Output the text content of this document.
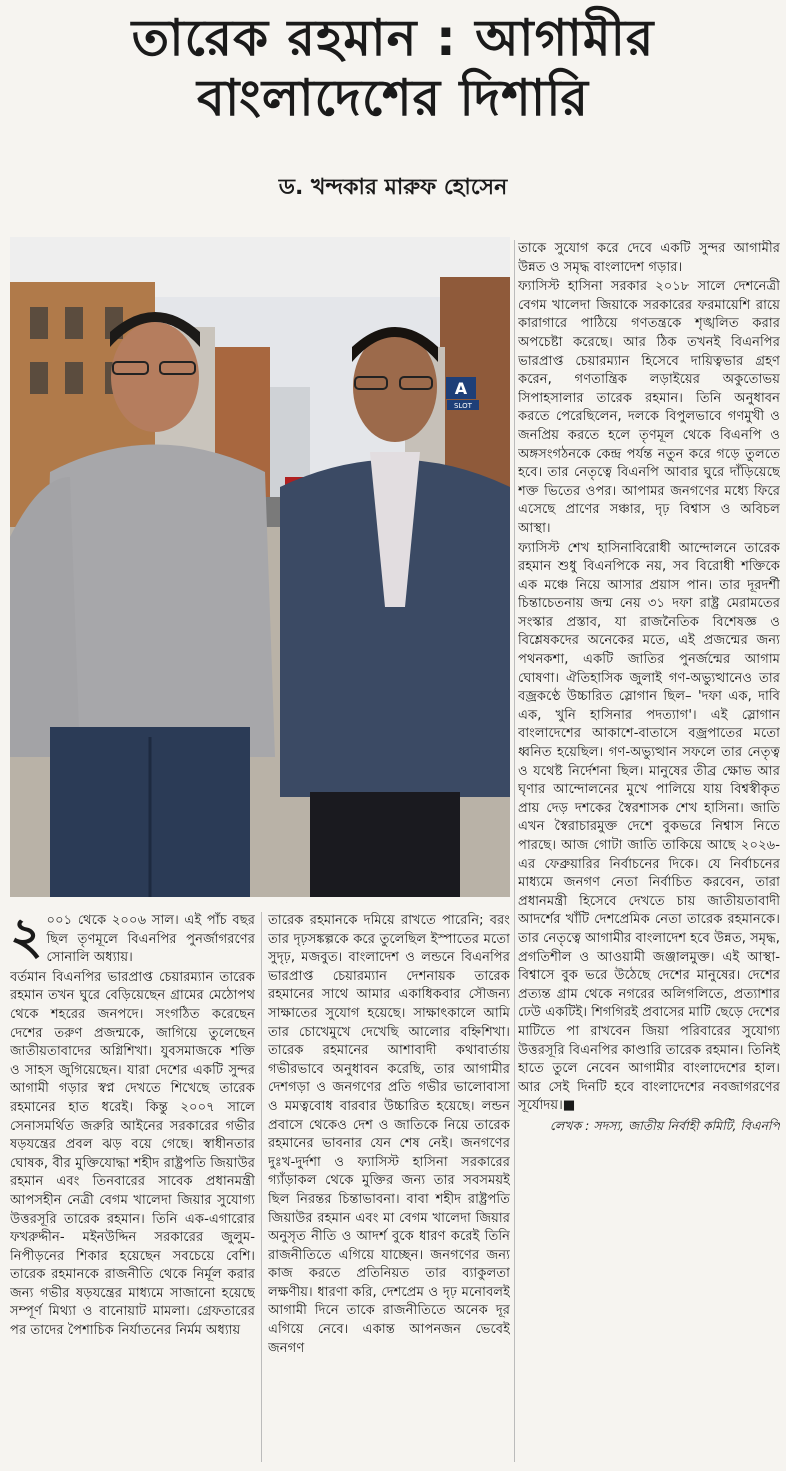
তারেক রহমান : আগামীর
বাংলাদেশের দিশারি
ড. খন্দকার মারুফ হোসেন
A
SLOT
২ ০০১ থেকে ২০০৬ সাল। এই পাঁচ বছর ছিল তৃণমূলে বিএনপির পুনর্জাগরণের সোনালি অধ্যায়।

বর্তমান বিএনপির ভারপ্রাপ্ত চেয়ারম্যান তারেক রহমান তখন ঘুরে বেড়িয়েছেন গ্রামের মেঠোপথ থেকে শহরের জনপদে। সংগঠিত করেছেন দেশের তরুণ প্রজন্মকে, জাগিয়ে তুলেছেন জাতীয়তাবাদের অগ্নিশিখা। যুবসমাজকে শক্তি ও সাহস জুগিয়েছেন। যারা দেশের একটি সুন্দর আগামী গড়ার স্বপ্ন দেখতে শিখেছে তারেক রহমানের হাত ধরেই। কিন্তু ২০০৭ সালে সেনাসমর্থিত জরুরি আইনের সরকারের গভীর ষড়যন্ত্রের প্রবল ঝড় বয়ে গেছে। স্বাধীনতার ঘোষক, বীর মুক্তিযোদ্ধা শহীদ রাষ্ট্রপতি জিয়াউর রহমান এবং তিনবারের সাবেক প্রধানমন্ত্রী আপসহীন নেত্রী বেগম খালেদা জিয়ার সুযোগ্য উত্তরসূরি তারেক রহমান। তিনি এক-এগারোর ফখরুদ্দীন- মইনউদ্দিন সরকারের জুলুম-নিপীড়নের শিকার হয়েছেন সবচেয়ে বেশি। তারেক রহমানকে রাজনীতি থেকে নির্মূল করার জন্য গভীর ষড়যন্ত্রের মাধ্যমে সাজানো হয়েছে সম্পূর্ণ মিথ্যা ও বানোয়াট মামলা। গ্রেফতারের পর তাদের পৈশাচিক নির্যাতনের নির্মম অধ্যায়

তারেক রহমানকে দমিয়ে রাখতে পারেনি; বরং তার দৃঢ়সঙ্কল্পকে করে তুলেছিল ইস্পাতের মতো সুদৃঢ়, মজবুত। বাংলাদেশ ও লন্ডনে বিএনপির ভারপ্রাপ্ত চেয়ারম্যান দেশনায়ক তারেক রহমানের সাথে আমার একাধিকবার সৌজন্য সাক্ষাতের সুযোগ হয়েছে। সাক্ষাৎকালে আমি তার চোখেমুখে দেখেছি আলোর বহ্নিশিখা। তারেক রহমানের আশাবাদী কথাবার্তায় গভীরভাবে অনুধাবন করেছি, তার আগামীর দেশগড়া ও জনগণের প্রতি গভীর ভালোবাসা ও মমত্ববোধ বারবার উচ্চারিত হয়েছে। লন্ডন প্রবাসে থেকেও দেশ ও জাতিকে নিয়ে তারেক রহমানের ভাবনার যেন শেষ নেই। জনগণের দুঃখ-দুর্দশা ও ফ্যাসিস্ট হাসিনা সরকারের গ্যাঁড়াকল থেকে মুক্তির জন্য তার সবসময়ই ছিল নিরন্তর চিন্তাভাবনা। বাবা শহীদ রাষ্ট্রপতি জিয়াউর রহমান এবং মা বেগম খালেদা জিয়ার অনুসৃত নীতি ও আদর্শ বুকে ধারণ করেই তিনি রাজনীতিতে এগিয়ে যাচ্ছেন। জনগণের জন্য কাজ করতে প্রতিনিয়ত তার ব্যাকুলতা লক্ষণীয়। ধারণা করি, দেশপ্রেম ও দৃঢ় মনোবলই আগামী দিনে তাকে রাজনীতিতে অনেক দূর এগিয়ে নেবে। একান্ত আপনজন ভেবেই জনগণ

তাকে সুযোগ করে দেবে একটি সুন্দর আগামীর উন্নত ও সমৃদ্ধ বাংলাদেশ গড়ার।

ফ্যাসিস্ট হাসিনা সরকার ২০১৮ সালে দেশনেত্রী বেগম খালেদা জিয়াকে সরকারের ফরমায়েশি রায়ে কারাগারে পাঠিয়ে গণতন্ত্রকে শৃঙ্খলিত করার অপচেষ্টা করেছে। আর ঠিক তখনই বিএনপির ভারপ্রাপ্ত চেয়ারম্যান হিসেবে দায়িত্বভার গ্রহণ করেন, গণতান্ত্রিক লড়াইয়ের অকুতোভয় সিপাহসালার তারেক রহমান। তিনি অনুধাবন করতে পেরেছিলেন, দলকে বিপুলভাবে গণমুখী ও জনপ্রিয় করতে হলে তৃণমূল থেকে বিএনপি ও অঙ্গসংগঠনকে কেন্দ্র পর্যন্ত নতুন করে গড়ে তুলতে হবে। তার নেতৃত্বে বিএনপি আবার ঘুরে দাঁড়িয়েছে শক্ত ভিতের ওপর। আপামর জনগণের মধ্যে ফিরে এসেছে প্রাণের সঞ্চার, দৃঢ় বিশ্বাস ও অবিচল আস্থা।

ফ্যাসিস্ট শেখ হাসিনাবিরোধী আন্দোলনে তারেক রহমান শুধু বিএনপিকে নয়, সব বিরোধী শক্তিকে এক মঞ্চে নিয়ে আসার প্রয়াস পান। তার দূরদর্শী চিন্তাচেতনায় জন্ম নেয় ৩১ দফা রাষ্ট্র মেরামতের সংস্কার প্রস্তাব, যা রাজনৈতিক বিশেষজ্ঞ ও বিশ্লেষকদের অনেকের মতে, এই প্রজন্মের জন্য পথনকশা, একটি জাতির পুনর্জন্মের আগাম ঘোষণা। ঐতিহাসিক জুলাই গণ-অভ্যুত্থানেও তার বজ্রকণ্ঠে উচ্চারিত স্লোগান ছিল– 'দফা এক, দাবি এক, খুনি হাসিনার পদত্যাগ'। এই স্লোগান বাংলাদেশের আকাশে-বাতাসে বজ্রপাতের মতো ধ্বনিত হয়েছিল। গণ-অভ্যুত্থান সফলে তার নেতৃত্ব ও যথেষ্ট নির্দেশনা ছিল। মানুষের তীব্র ক্ষোভ আর ঘৃণার আন্দোলনের মুখে পালিয়ে যায় বিশ্বস্বীকৃত প্রায় দেড় দশকের স্বৈরশাসক শেখ হাসিনা। জাতি এখন স্বৈরাচারমুক্ত দেশে বুকভরে নিশ্বাস নিতে পারছে। আজ গোটা জাতি তাকিয়ে আছে ২০২৬-এর ফেব্রুয়ারির নির্বাচনের দিকে। যে নির্বাচনের মাধ্যমে জনগণ নেতা নির্বাচিত করবেন, তারা প্রধানমন্ত্রী হিসেবে দেখতে চায় জাতীয়তাবাদী আদর্শের খাঁটি দেশপ্রেমিক নেতা তারেক রহমানকে। তার নেতৃত্বে আগামীর বাংলাদেশ হবে উন্নত, সমৃদ্ধ, প্রগতিশীল ও আওয়ামী জঞ্জালমুক্ত। এই আস্থা-বিশ্বাসে বুক ভরে উঠেছে দেশের মানুষের। দেশের প্রত্যন্ত গ্রাম থেকে নগরের অলিগলিতে, প্রত্যাশার ঢেউ একটিই। শিগগিরই প্রবাসের মাটি ছেড়ে দেশের মাটিতে পা রাখবেন জিয়া পরিবারের সুযোগ্য উত্তরসূরি বিএনপির কাণ্ডারি তারেক রহমান। তিনিই হাতে তুলে নেবেন আগামীর বাংলাদেশের হাল। আর সেই দিনটি হবে বাংলাদেশের নবজাগরণের সূর্যোদয়।■

লেখক : সদস্য, জাতীয় নির্বাহী কমিটি, বিএনপি
